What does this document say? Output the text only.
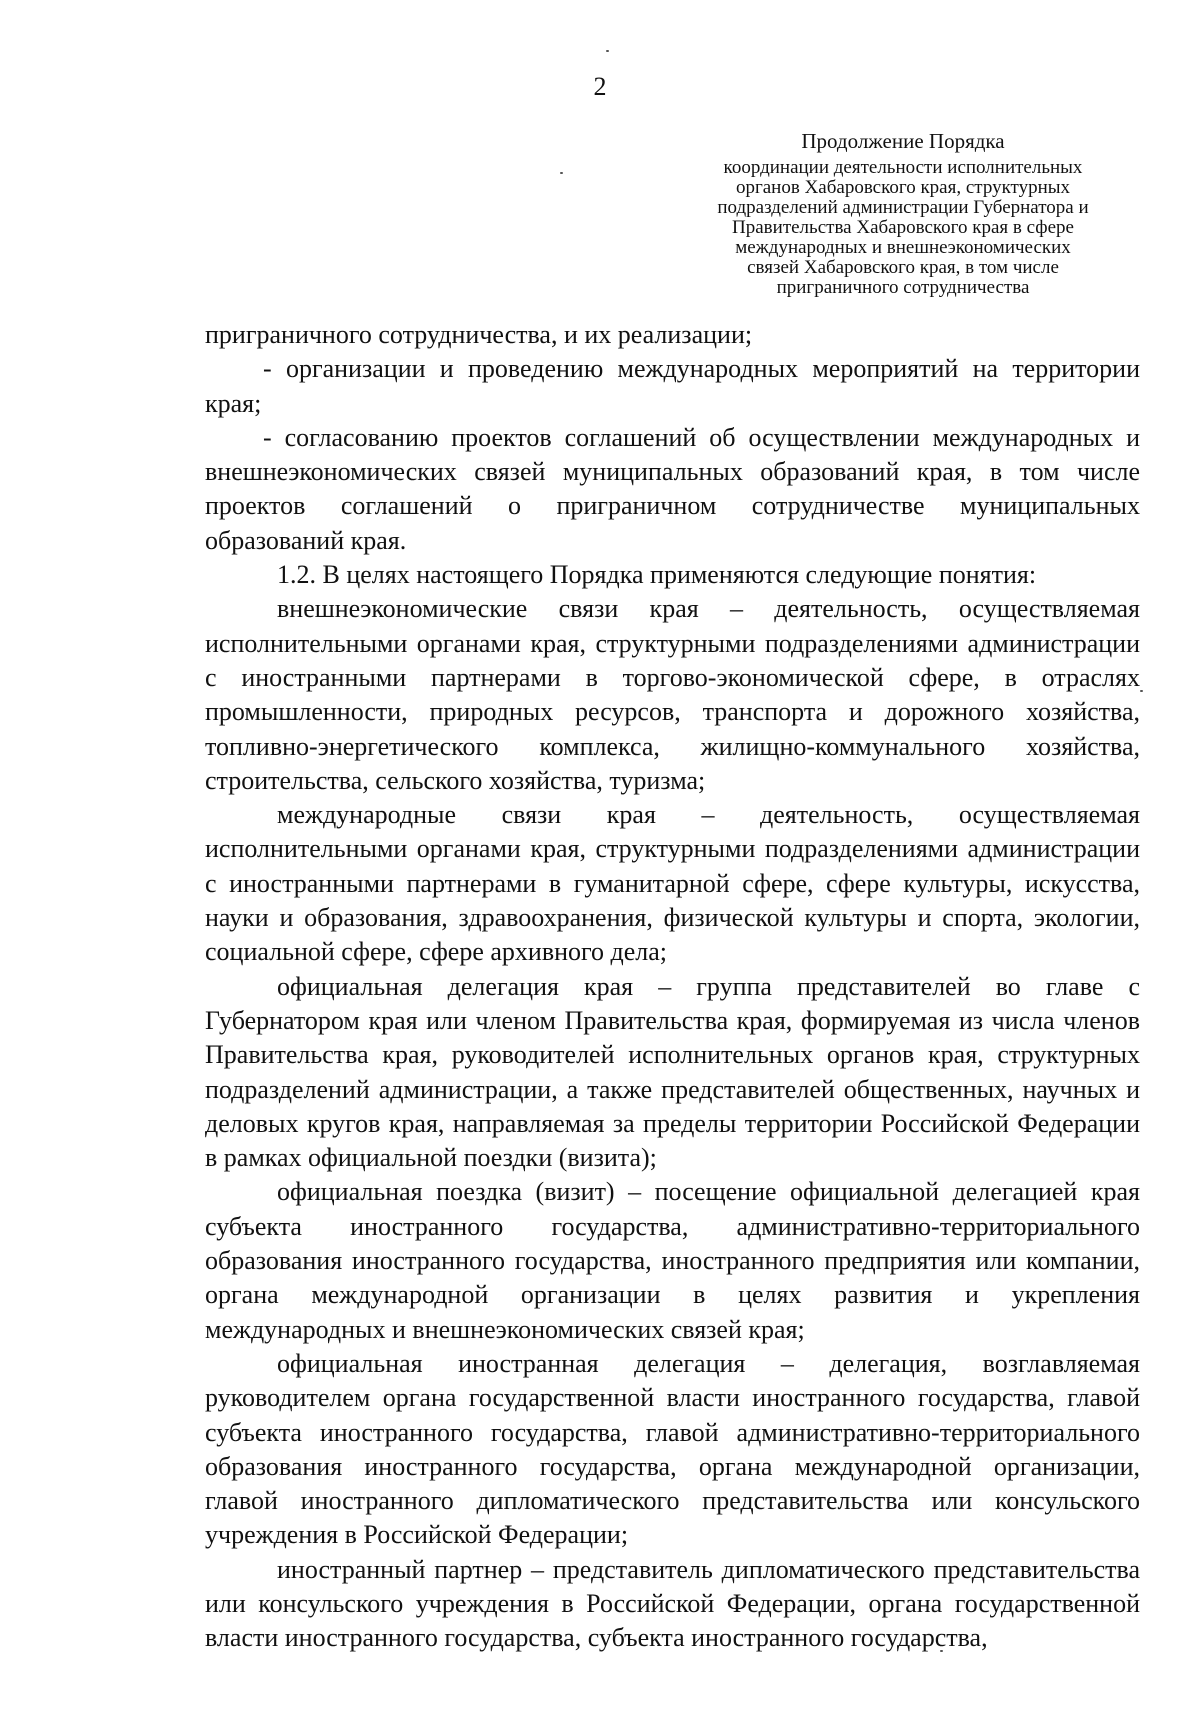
2
Продолжение Порядка
координации деятельности исполнительных
органов Хабаровского края, структурных
подразделений администрации Губернатора и
Правительства Хабаровского края в сфере
международных и внешнеэкономических
связей Хабаровского края, в том числе
приграничного сотрудничества

приграничного сотрудничества, и их реализации;

- организации и проведению международных мероприятий на территории края;

- согласованию проектов соглашений об осуществлении международных и внешнеэкономических связей муниципальных образований края, в том числе проектов соглашений о приграничном сотрудничестве муниципальных образований края.

1.2. В целях настоящего Порядка применяются следующие понятия:

внешнеэкономические связи края – деятельность, осуществляемая исполнительными органами края, структурными подразделениями администрации с иностранными партнерами в торгово-экономической сфере, в отраслях промышленности, природных ресурсов, транспорта и дорожного хозяйства, топливно-энергетического комплекса, жилищно-коммунального хозяйства, строительства, сельского хозяйства, туризма;

международные связи края – деятельность, осуществляемая исполнительными органами края, структурными подразделениями администрации с иностранными партнерами в гуманитарной сфере, сфере культуры, искусства, науки и образования, здравоохранения, физической культуры и спорта, экологии, социальной сфере, сфере архивного дела;

официальная делегация края – группа представителей во главе с Губернатором края или членом Правительства края, формируемая из числа членов Правительства края, руководителей исполнительных органов края, структурных подразделений администрации, а также представителей общественных, научных и деловых кругов края, направляемая за пределы территории Российской Федерации в рамках официальной поездки (визита);

официальная поездка (визит) – посещение официальной делегацией края субъекта иностранного государства, административно-территориального образования иностранного государства, иностранного предприятия или компании, органа международной организации в целях развития и укрепления международных и внешнеэкономических связей края;

официальная иностранная делегация – делегация, возглавляемая руководителем органа государственной власти иностранного государства, главой субъекта иностранного государства, главой административно-территориального образования иностранного государства, органа международной организации, главой иностранного дипломатического представительства или консульского учреждения в Российской Федерации;

иностранный партнер – представитель дипломатического представительства или консульского учреждения в Российской Федерации, органа государственной власти иностранного государства, субъекта иностранного государства,
